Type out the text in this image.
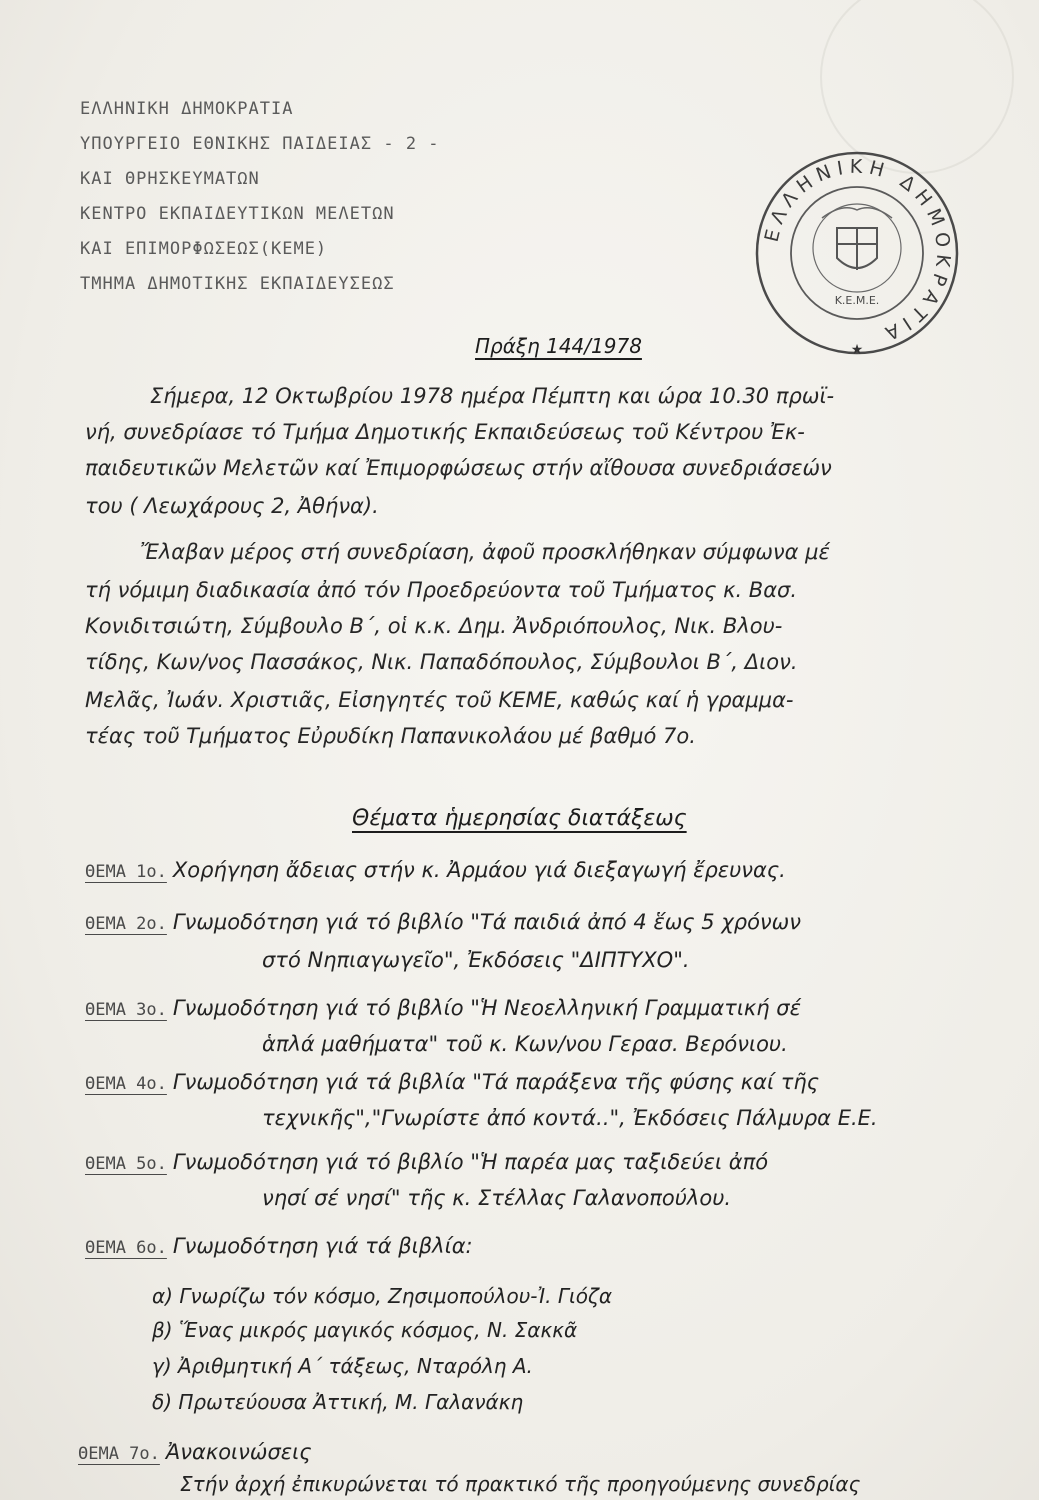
ΕΛΛΗΝΙΚΗ ΔΗΜΟΚΡΑΤΙΑ
ΥΠΟΥΡΓΕΙΟ ΕΘΝΙΚΗΣ ΠΑΙΔΕΙΑΣ - 2 -
ΚΑΙ ΘΡΗΣΚΕΥΜΑΤΩΝ
ΚΕΝΤΡΟ ΕΚΠΑΙΔΕΥΤΙΚΩΝ ΜΕΛΕΤΩΝ
ΚΑΙ ΕΠΙΜΟΡΦΩΣΕΩΣ(ΚΕΜΕ)
ΤΜΗΜΑ ΔΗΜΟΤΙΚΗΣ ΕΚΠΑΙΔΕΥΣΕΩΣ
ΕΛΛΗΝΙΚΗ ΔΗΜΟΚΡΑΤΙΑ
Κ.Ε.Μ.Ε.
★
Πράξη 144/1978
Σήμερα, 12 Οκτωβρίου 1978 ημέρα Πέμπτη και ώρα 10.30 πρωϊ-
νή, συνεδρίασε τό Τμήμα Δημοτικής Εκπαιδεύσεως τοῦ Κέντρου Ἐκ-
παιδευτικῶν Μελετῶν καί Ἐπιμορφώσεως στήν αἴθουσα συνεδριάσεών
του ( Λεωχάρους 2, Ἀθήνα).
Ἔλαβαν μέρος στή συνεδρίαση, ἀφοῦ προσκλήθηκαν σύμφωνα μέ
τή νόμιμη διαδικασία ἀπό τόν Προεδρεύοντα τοῦ Τμήματος κ. Βασ.
Κονιδιτσιώτη, Σύμβουλο Β΄, οἱ κ.κ. Δημ. Ἀνδριόπουλος, Νικ. Βλου-
τίδης, Κων/νος Πασσάκος, Νικ. Παπαδόπουλος, Σύμβουλοι Β΄, Διον.
Μελᾶς, Ἰωάν. Χριστιᾶς, Εἰσηγητές τοῦ ΚΕΜΕ, καθώς καί ἡ γραμμα-
τέας τοῦ Τμήματος Εὐρυδίκη Παπανικολάου μέ βαθμό 7ο.
Θέματα ἡμερησίας διατάξεως
ΘΕΜΑ 1ο. Χορήγηση ἄδειας στήν κ. Ἀρμάου γιά διεξαγωγή ἔρευνας.
ΘΕΜΑ 2ο. Γνωμοδότηση γιά τό βιβλίο "Τά παιδιά ἀπό 4 ἕως 5 χρόνων
στό Νηπιαγωγεῖο", Ἐκδόσεις "ΔΙΠΤΥΧΟ".
ΘΕΜΑ 3ο. Γνωμοδότηση γιά τό βιβλίο "Ἡ Νεοελληνική Γραμματική σέ
ἁπλά μαθήματα" τοῦ κ. Κων/νου Γερασ. Βερόνιου.
ΘΕΜΑ 4ο. Γνωμοδότηση γιά τά βιβλία "Τά παράξενα τῆς φύσης καί τῆς
τεχνικῆς","Γνωρίστε ἀπό κοντά..", Ἐκδόσεις Πάλμυρα Ε.Ε.
ΘΕΜΑ 5ο. Γνωμοδότηση γιά τό βιβλίο "Ἡ παρέα μας ταξιδεύει ἀπό
νησί σέ νησί" τῆς κ. Στέλλας Γαλανοπούλου.
ΘΕΜΑ 6ο. Γνωμοδότηση γιά τά βιβλία:
α) Γνωρίζω τόν κόσμο, Ζησιμοπούλου-Ἰ. Γιόζα
β) Ἕνας μικρός μαγικός κόσμος, Ν. Σακκᾶ
γ) Ἀριθμητική Α΄ τάξεως, Νταρόλη Α.
δ) Πρωτεύουσα Ἀττική, Μ. Γαλανάκη
ΘΕΜΑ 7ο. Ἀνακοινώσεις
Στήν ἀρχή ἐπικυρώνεται τό πρακτικό τῆς προηγούμενης συνεδρίας
